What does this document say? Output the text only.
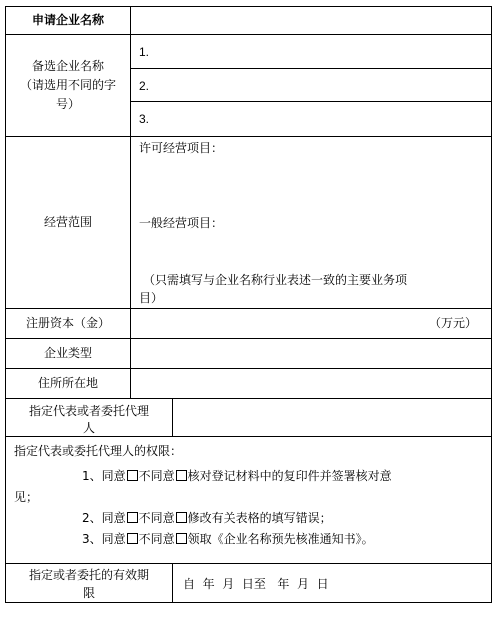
申请企业名称
备选企业名称
（请选用不同的字
号）
1.
2.
3.
经营范围
许可经营项目：
一般经营项目：
（只需填写与企业名称行业表述一致的主要业务项
目）
注册资本（金）	（万元）
企业类型
住所所在地
指定代表或者委托代理
人
指定代表或委托代理人的权限：
1、同意 不同意 核对登记材料中的复印件并签署核对意
见；
2、同意 不同意 修改有关表格的填写错误；
3、同意 不同意 领取《企业名称预先核准通知书》。
指定或者委托的有效期
限
自  年  月  日至   年  月  日
